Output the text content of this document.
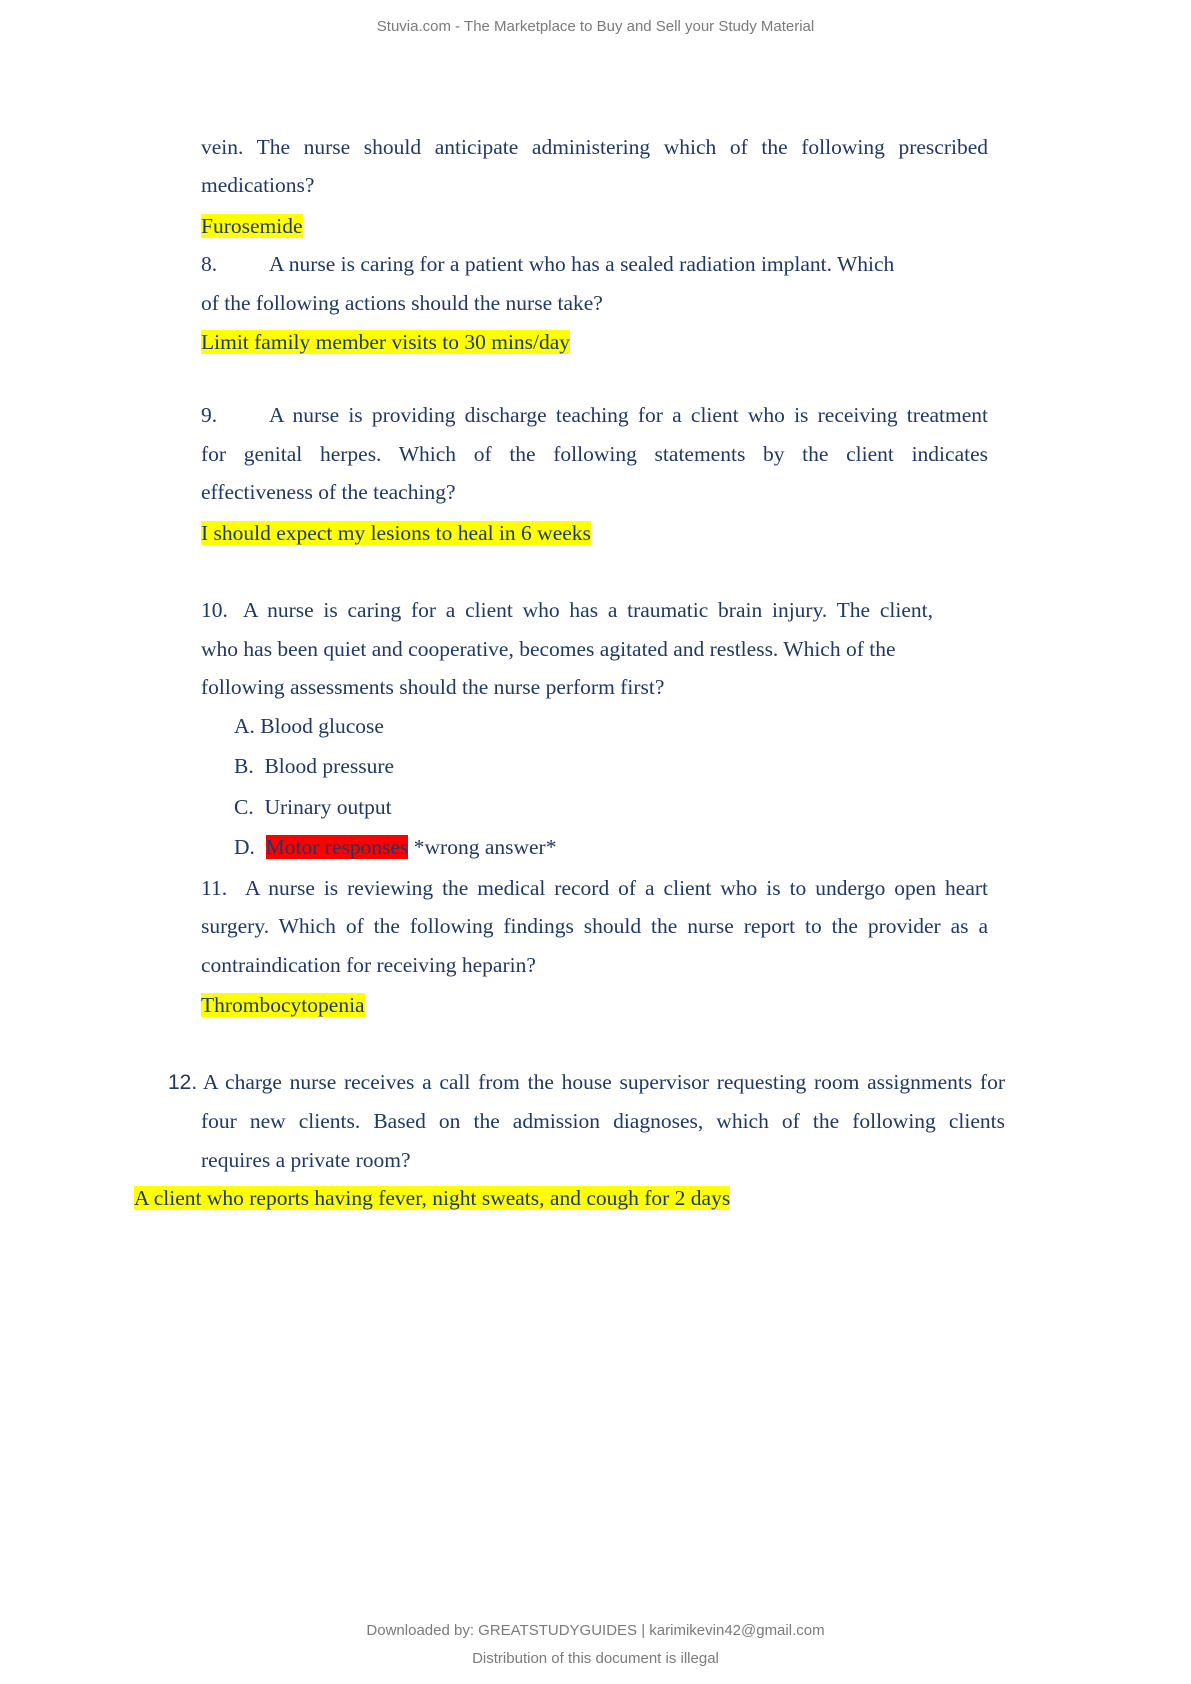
Stuvia.com - The Marketplace to Buy and Sell your Study Material
vein. The nurse should anticipate administering which of the following prescribed
medications?
Furosemide
8. A nurse is caring for a patient who has a sealed radiation implant. Which
of the following actions should the nurse take?
Limit family member visits to 30 mins/day
9. A nurse is providing discharge teaching for a client who is receiving treatment
for genital herpes. Which of the following statements by the client indicates
effectiveness of the teaching?
I should expect my lesions to heal in 6 weeks
10. A nurse is caring for a client who has a traumatic brain injury. The client,
who has been quiet and cooperative, becomes agitated and restless. Which of the
following assessments should the nurse perform first?
A. Blood glucose
B. Blood pressure
C. Urinary output
D. Motor responses *wrong answer*
11. A nurse is reviewing the medical record of a client who is to undergo open heart
surgery. Which of the following findings should the nurse report to the provider as a
contraindication for receiving heparin?
Thrombocytopenia
12. A charge nurse receives a call from the house supervisor requesting room assignments for
four new clients. Based on the admission diagnoses, which of the following clients
requires a private room?
A client who reports having fever, night sweats, and cough for 2 days
Downloaded by: GREATSTUDYGUIDES | karimikevin42@gmail.com
Distribution of this document is illegal
